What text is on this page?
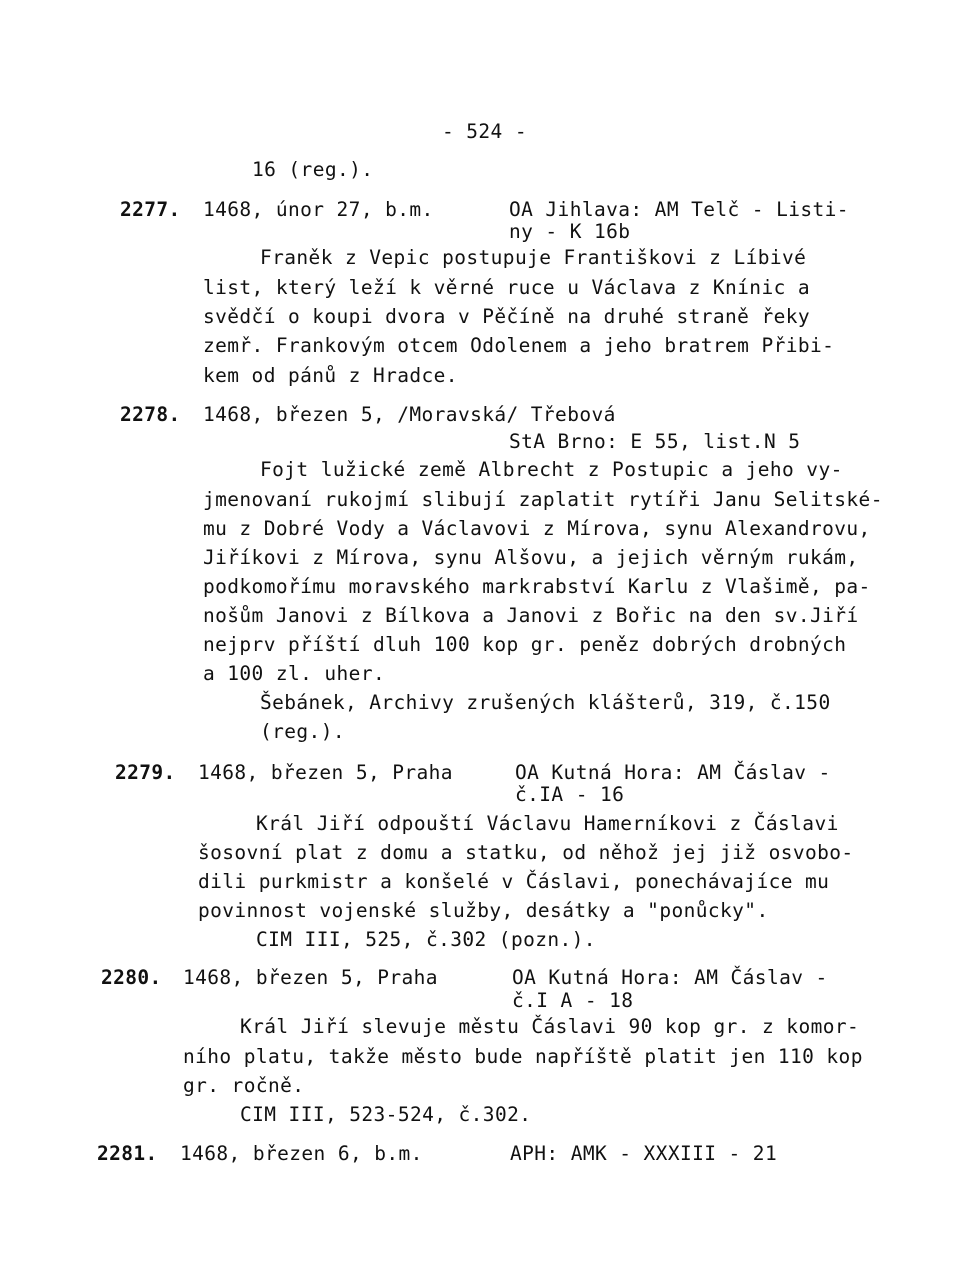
- 524 -
16 (reg.).
2277. 1468, únor 27, b.m.	OA Jihlava: AM Telč - Listi-
ny - K 16b
Franěk z Vepic postupuje Františkovi z Líbivé
list, který leží k věrné ruce u Václava z Knínic a
svědčí o koupi dvora v Pěčíně na druhé straně řeky
zemř. Frankovým otcem Odolenem a jeho bratrem Přibi-
kem od pánů z Hradce.
2278. 1468, březen 5, /Moravská/ Třebová
StA Brno: E 55, list.N 5
Fojt lužické země Albrecht z Postupic a jeho vy-
jmenovaní rukojmí slibují zaplatit rytíři Janu Selitské-
mu z Dobré Vody a Václavovi z Mírova, synu Alexandrovu,
Jiříkovi z Mírova, synu Alšovu, a jejich věrným rukám,
podkomořímu moravského markrabství Karlu z Vlašimě, pa-
nošům Janovi z Bílkova a Janovi z Bořic na den sv.Jiří
nejprv příští dluh 100 kop gr. peněz dobrých drobných
a 100 zl. uher.
Šebánek, Archivy zrušených klášterů, 319, č.150
(reg.).
2279. 1468, březen 5, Praha	OA Kutná Hora: AM Čáslav -
č.IA - 16
Král Jiří odpouští Václavu Hamerníkovi z Čáslavi
šosovní plat z domu a statku, od něhož jej již osvobo-
dili purkmistr a konšelé v Čáslavi, ponechávajíce mu
povinnost vojenské služby, desátky a "ponůcky".
CIM III, 525, č.302 (pozn.).
2280. 1468, březen 5, Praha	OA Kutná Hora: AM Čáslav -
č.I A - 18
Král Jiří slevuje městu Čáslavi 90 kop gr. z komor-
ního platu, takže město bude napříště platit jen 110 kop
gr. ročně.
CIM III, 523-524, č.302.
2281. 1468, březen 6, b.m.	APH: AMK - XXXIII - 21
